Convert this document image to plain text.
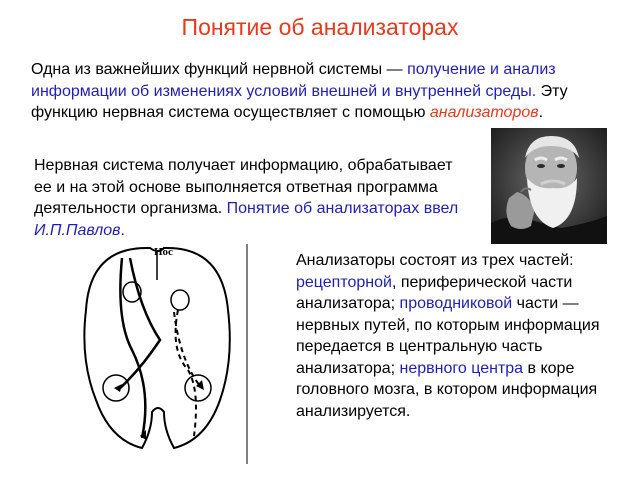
Понятие об анализаторах
Одна из важнейших функций нервной системы — получение и анализ информации об изменениях условий внешней и внутренней среды. Эту функцию нервная система осуществляет с помощью анализаторов.
Нервная система получает информацию, обрабатывает ее и на этой основе выполняется ответная программа деятельности организма. Понятие об анализаторах ввел И.П.Павлов.
Нос	Анализаторы состоят из трех частей: рецепторной, периферической части анализатора; проводниковой части — нервных путей, по которым информация передается в центральную часть анализатора; нервного центра в коре головного мозга, в котором информация анализируется.
